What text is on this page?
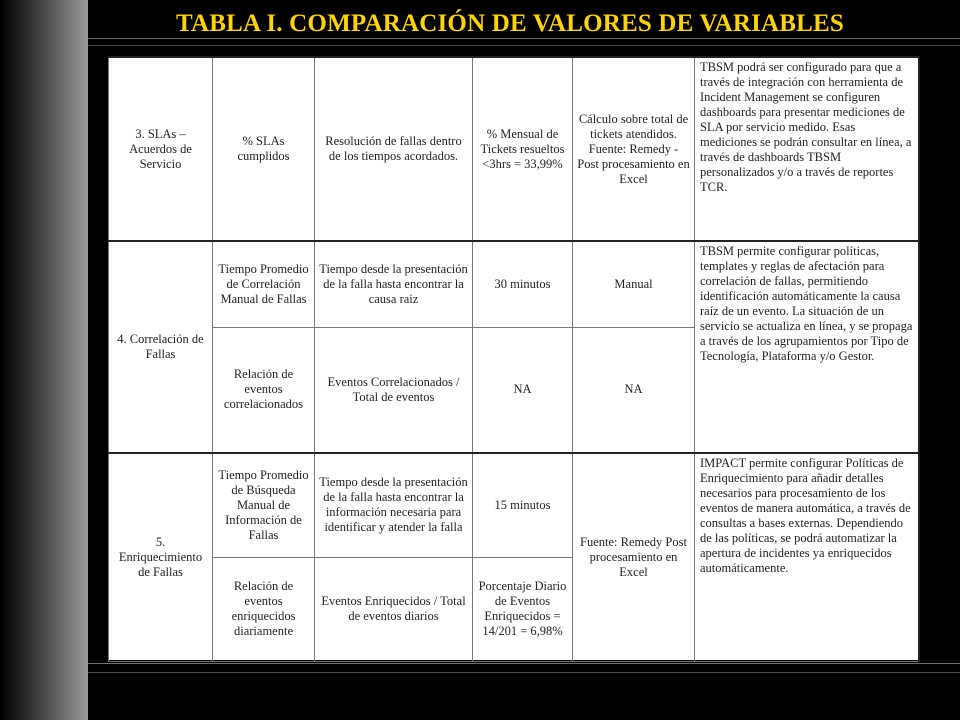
TABLA I. COMPARACIÓN DE VALORES DE VARIABLES
3. SLAs – Acuerdos de Servicio	% SLAs cumplidos	Resolución de fallas dentro de los tiempos acordados.	% Mensual de Tickets resueltos <3hrs = 33,99%	Cálculo sobre total de tickets atendidos. Fuente: Remedy - Post procesamiento en Excel	TBSM podrá ser configurado para que a través de integración con herramienta de Incident Management se configuren dashboards para presentar mediciones de SLA por servicio medido. Esas mediciones se podrán consultar en línea, a través de dashboards TBSM personalizados y/o a través de reportes TCR.
4. Correlación de Fallas	Tiempo Promedio de Correlación Manual de Fallas	Tiempo desde la presentación de la falla hasta encontrar la causa raiz	30 minutos	Manual	TBSM permite configurar políticas, templates y reglas de afectación para correlación de fallas, permitiendo identificación automáticamente la causa raíz de un evento. La situación de un servicio se actualiza en línea, y se propaga a través de los agrupamientos por Tipo de Tecnología, Plataforma y/o Gestor.
	Relación de eventos correlacionados	Eventos Correlacionados / Total de eventos	NA	NA	
5. Enriquecimiento de Fallas	Tiempo Promedio de Búsqueda Manual de Información de Fallas	Tiempo desde la presentación de la falla hasta encontrar la información necesaria para identificar y atender la falla	15 minutos	Fuente: Remedy Post procesamiento en Excel	IMPACT permite configurar Políticas de Enriquecimiento para añadir detalles necesarios para procesamiento de los eventos de manera automática, a través de consultas a bases externas. Dependiendo de las políticas, se podrá automatizar la apertura de incidentes ya enriquecidos automáticamente.
	Relación de eventos enriquecidos diariamente	Eventos Enriquecidos / Total de eventos diarios	Porcentaje Diario de Eventos Enriquecidos = 14/201 = 6,98%		
